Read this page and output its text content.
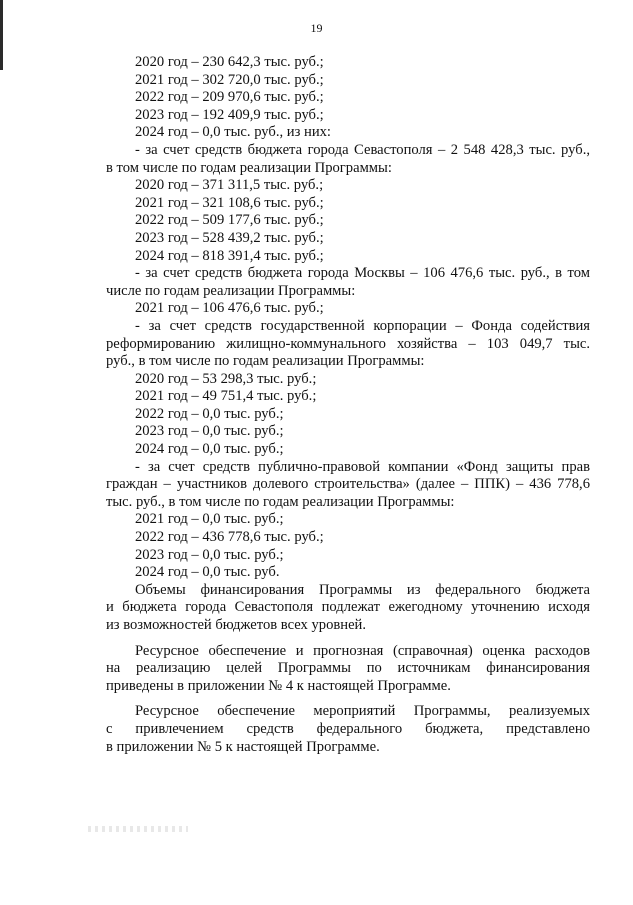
19
2020 год – 230 642,3 тыс. руб.;
2021 год – 302 720,0 тыс. руб.;
2022 год – 209 970,6 тыс. руб.;
2023 год – 192 409,9 тыс. руб.;
2024 год – 0,0 тыс. руб., из них:
- за счет средств бюджета города Севастополя – 2 548 428,3 тыс. руб.,
в том числе по годам реализации Программы:
2020 год – 371 311,5 тыс. руб.;
2021 год – 321 108,6 тыс. руб.;
2022 год – 509 177,6 тыс. руб.;
2023 год – 528 439,2 тыс. руб.;
2024 год – 818 391,4 тыс. руб.;
- за счет средств бюджета города Москвы – 106 476,6 тыс. руб., в том
числе по годам реализации Программы:
2021 год – 106 476,6 тыс. руб.;
- за счет средств государственной корпорации – Фонда содействия
реформированию жилищно-коммунального хозяйства – 103 049,7 тыс.
руб., в том числе по годам реализации Программы:
2020 год – 53 298,3 тыс. руб.;
2021 год – 49 751,4 тыс. руб.;
2022 год – 0,0 тыс. руб.;
2023 год – 0,0 тыс. руб.;
2024 год – 0,0 тыс. руб.;
- за счет средств публично-правовой компании «Фонд защиты прав
граждан – участников долевого строительства» (далее – ППК) – 436 778,6
тыс. руб., в том числе по годам реализации Программы:
2021 год – 0,0 тыс. руб.;
2022 год – 436 778,6 тыс. руб.;
2023 год – 0,0 тыс. руб.;
2024 год – 0,0 тыс. руб.
Объемы финансирования Программы из федерального бюджета
и бюджета города Севастополя подлежат ежегодному уточнению исходя
из возможностей бюджетов всех уровней.
Ресурсное обеспечение и прогнозная (справочная) оценка расходов
на реализацию целей Программы по источникам финансирования
приведены в приложении № 4 к настоящей Программе.
Ресурсное обеспечение мероприятий Программы, реализуемых
с привлечением средств федерального бюджета, представлено
в приложении № 5 к настоящей Программе.
